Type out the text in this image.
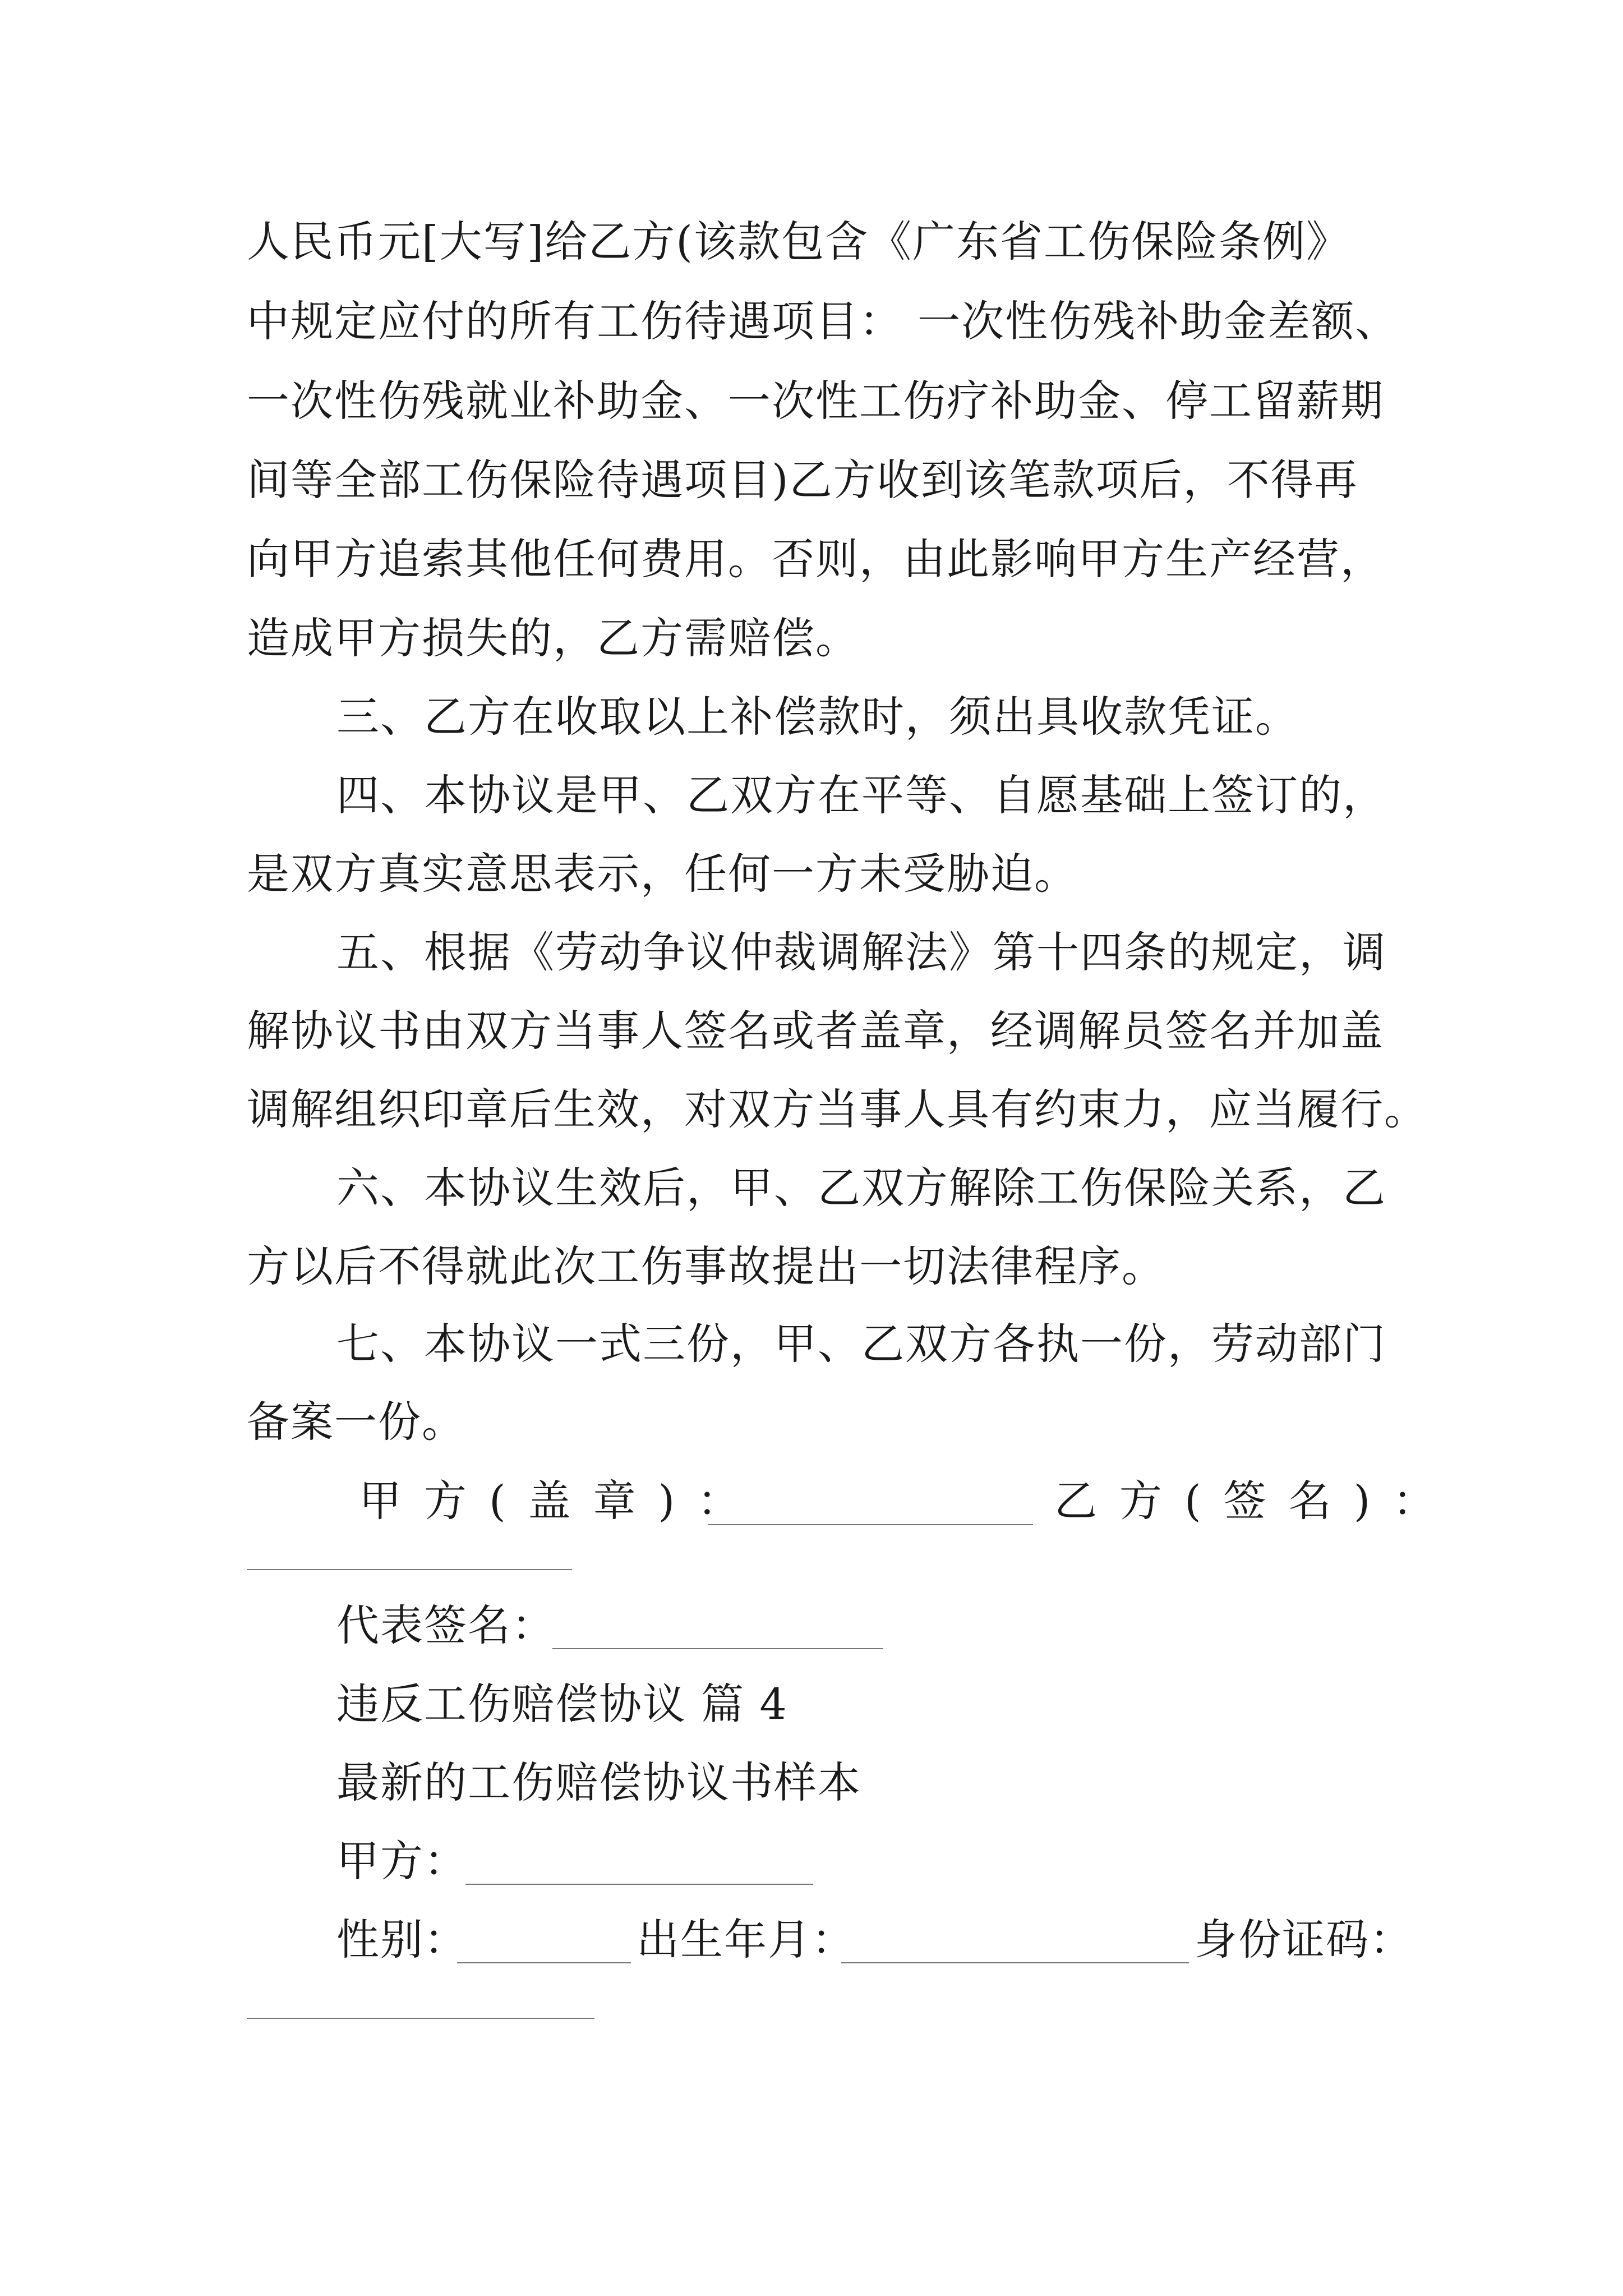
人民币元[大写]给乙方(该款包含《广东省工伤保险条例》
中规定应付的所有工伤待遇项目： 一次性伤残补助金差额、
一次性伤残就业补助金、一次性工伤疗补助金、停工留薪期
间等全部工伤保险待遇项目)乙方收到该笔款项后，不得再
向甲方追索其他任何费用。否则，由此影响甲方生产经营，
造成甲方损失的，乙方需赔偿。
三、乙方在收取以上补偿款时，须出具收款凭证。
四、本协议是甲、乙双方在平等、自愿基础上签订的，
是双方真实意思表示，任何一方未受胁迫。
五、根据《劳动争议仲裁调解法》第十四条的规定，调
解协议书由双方当事人签名或者盖章，经调解员签名并加盖
调解组织印章后生效，对双方当事人具有约束力，应当履行。
六、本协议生效后，甲、乙双方解除工伤保险关系，乙
方以后不得就此次工伤事故提出一切法律程序。
七、本协议一式三份，甲、乙双方各执一份，劳动部门
备案一份。
甲方(盖章)：	乙方(签名)：
代表签名：
违反工伤赔偿协议 篇 4
最新的工伤赔偿协议书样本
甲方：
性别：	出生年月：	身份证码：
